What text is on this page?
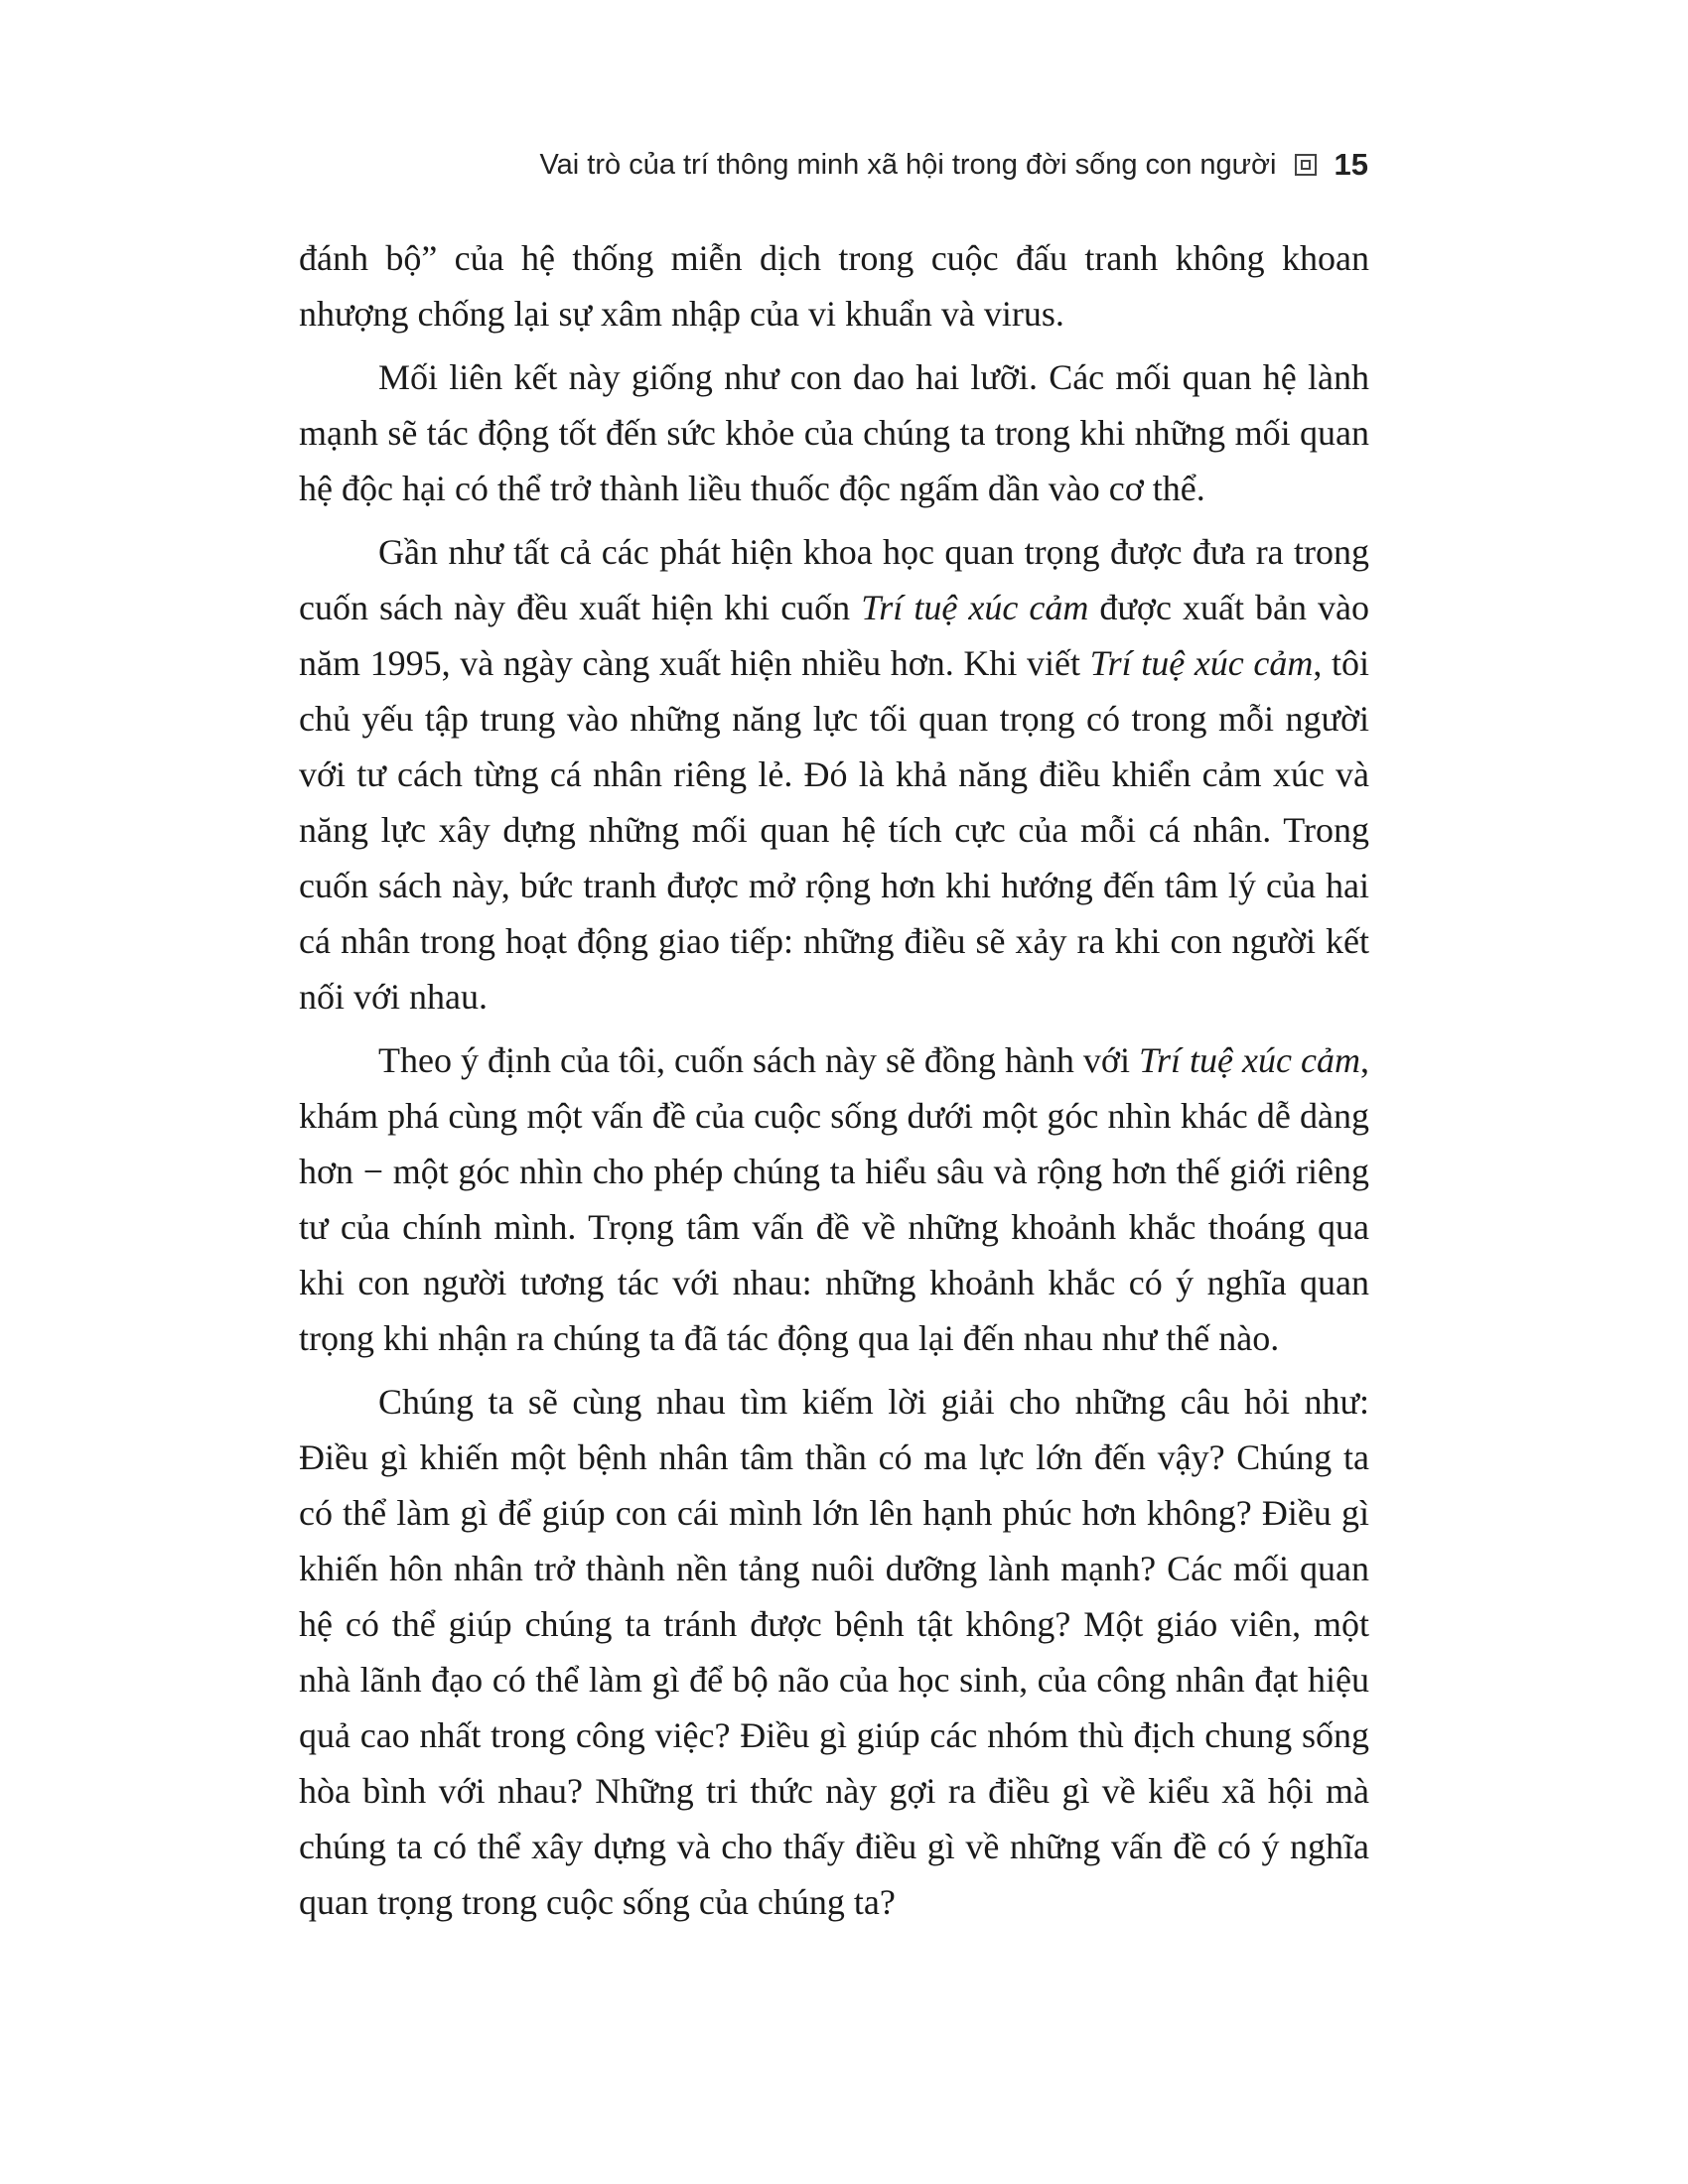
Vai trò của trí thông minh xã hội trong đời sống con người 15

đánh bộ” của hệ thống miễn dịch trong cuộc đấu tranh không khoan nhượng chống lại sự xâm nhập của vi khuẩn và virus.

Mối liên kết này giống như con dao hai lưỡi. Các mối quan hệ lành mạnh sẽ tác động tốt đến sức khỏe của chúng ta trong khi những mối quan hệ độc hại có thể trở thành liều thuốc độc ngấm dần vào cơ thể.

Gần như tất cả các phát hiện khoa học quan trọng được đưa ra trong cuốn sách này đều xuất hiện khi cuốn Trí tuệ xúc cảm được xuất bản vào năm 1995, và ngày càng xuất hiện nhiều hơn. Khi viết Trí tuệ xúc cảm, tôi chủ yếu tập trung vào những năng lực tối quan trọng có trong mỗi người với tư cách từng cá nhân riêng lẻ. Đó là khả năng điều khiển cảm xúc và năng lực xây dựng những mối quan hệ tích cực của mỗi cá nhân. Trong cuốn sách này, bức tranh được mở rộng hơn khi hướng đến tâm lý của hai cá nhân trong hoạt động giao tiếp: những điều sẽ xảy ra khi con người kết nối với nhau.

Theo ý định của tôi, cuốn sách này sẽ đồng hành với Trí tuệ xúc cảm, khám phá cùng một vấn đề của cuộc sống dưới một góc nhìn khác dễ dàng hơn − một góc nhìn cho phép chúng ta hiểu sâu và rộng hơn thế giới riêng tư của chính mình. Trọng tâm vấn đề về những khoảnh khắc thoáng qua khi con người tương tác với nhau: những khoảnh khắc có ý nghĩa quan trọng khi nhận ra chúng ta đã tác động qua lại đến nhau như thế nào.

Chúng ta sẽ cùng nhau tìm kiếm lời giải cho những câu hỏi như: Điều gì khiến một bệnh nhân tâm thần có ma lực lớn đến vậy? Chúng ta có thể làm gì để giúp con cái mình lớn lên hạnh phúc hơn không? Điều gì khiến hôn nhân trở thành nền tảng nuôi dưỡng lành mạnh? Các mối quan hệ có thể giúp chúng ta tránh được bệnh tật không? Một giáo viên, một nhà lãnh đạo có thể làm gì để bộ não của học sinh, của công nhân đạt hiệu quả cao nhất trong công việc? Điều gì giúp các nhóm thù địch chung sống hòa bình với nhau? Những tri thức này gợi ra điều gì về kiểu xã hội mà chúng ta có thể xây dựng và cho thấy điều gì về những vấn đề có ý nghĩa quan trọng trong cuộc sống của chúng ta?
